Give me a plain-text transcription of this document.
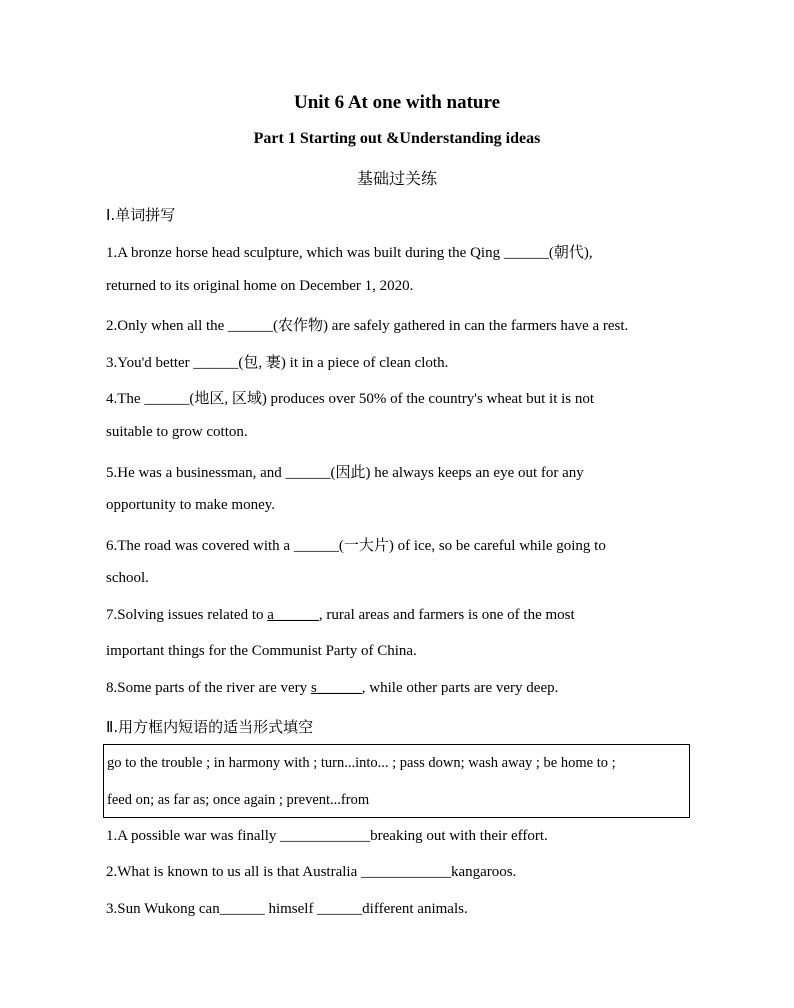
Unit 6 At one with nature
Part 1 Starting out &Understanding ideas
基础过关练
Ⅰ.单词拼写
1.A bronze horse head sculpture, which was built during the Qing ______(朝代),
returned to its original home on December 1, 2020.
2.Only when all the ______(农作物) are safely gathered in can the farmers have a rest.
3.You'd better ______(包, 裹) it in a piece of clean cloth.
4.The ______(地区, 区域) produces over 50% of the country's wheat but it is not
suitable to grow cotton.
5.He was a businessman, and ______(因此) he always keeps an eye out for any
opportunity to make money.
6.The road was covered with a ______(一大片) of ice, so be careful while going to
school.
7.Solving issues related to a______, rural areas and farmers is one of the most
important things for the Communist Party of China.
8.Some parts of the river are very s______, while other parts are very deep.
Ⅱ.用方框内短语的适当形式填空
go to the trouble ; in harmony with ; turn...into... ; pass down; wash away ; be home to ;
feed on; as far as; once again ; prevent...from
1.A possible war was finally ____________breaking out with their effort.
2.What is known to us all is that Australia ____________kangaroos.
3.Sun Wukong can______ himself ______different animals.
